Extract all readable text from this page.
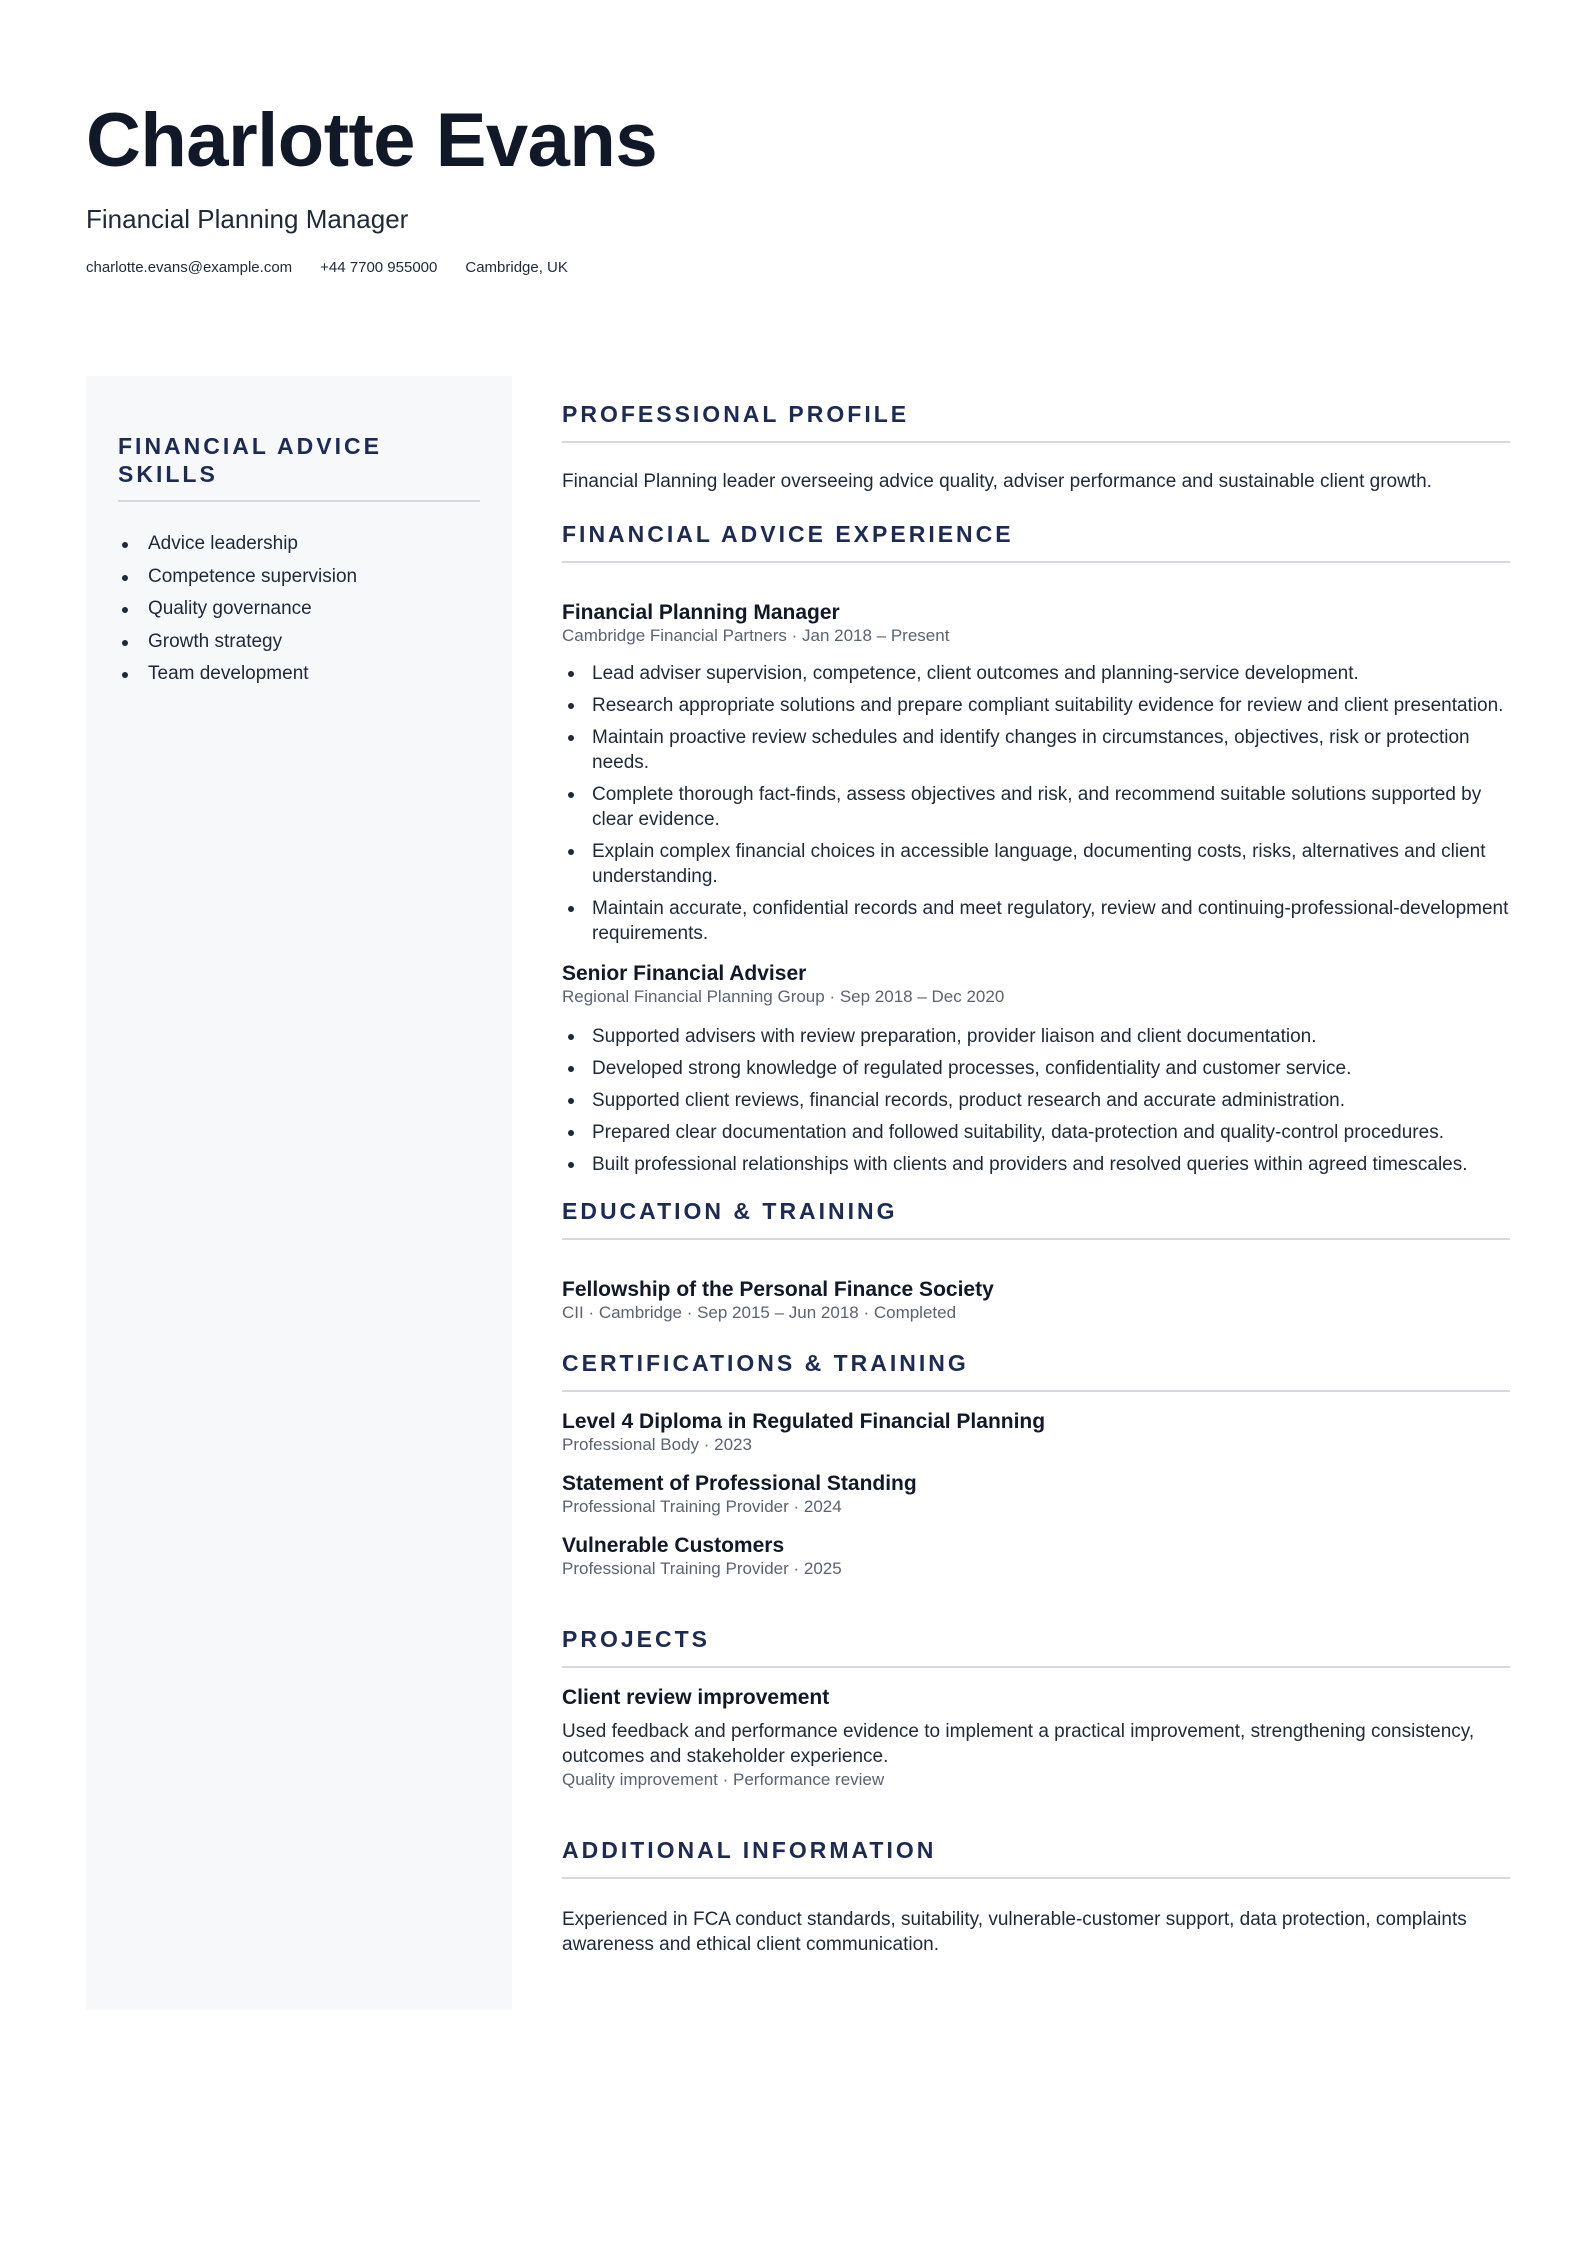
Charlotte Evans
Financial Planning Manager
charlotte.evans@example.com +44 7700 955000 Cambridge, UK
FINANCIAL ADVICE SKILLS
Advice leadership
Competence supervision
Quality governance
Growth strategy
Team development
PROFESSIONAL PROFILE
Financial Planning leader overseeing advice quality, adviser performance and sustainable client growth.
FINANCIAL ADVICE EXPERIENCE
Financial Planning Manager
Cambridge Financial Partners · Jan 2018 – Present
Lead adviser supervision, competence, client outcomes and planning-service development.
Research appropriate solutions and prepare compliant suitability evidence for review and client presentation.
Maintain proactive review schedules and identify changes in circumstances, objectives, risk or protection needs.
Complete thorough fact-finds, assess objectives and risk, and recommend suitable solutions supported by clear evidence.
Explain complex financial choices in accessible language, documenting costs, risks, alternatives and client understanding.
Maintain accurate, confidential records and meet regulatory, review and continuing-professional-development requirements.
Senior Financial Adviser
Regional Financial Planning Group · Sep 2018 – Dec 2020
Supported advisers with review preparation, provider liaison and client documentation.
Developed strong knowledge of regulated processes, confidentiality and customer service.
Supported client reviews, financial records, product research and accurate administration.
Prepared clear documentation and followed suitability, data-protection and quality-control procedures.
Built professional relationships with clients and providers and resolved queries within agreed timescales.
EDUCATION & TRAINING
Fellowship of the Personal Finance Society
CII · Cambridge · Sep 2015 – Jun 2018 · Completed
CERTIFICATIONS & TRAINING
Level 4 Diploma in Regulated Financial Planning
Professional Body · 2023
Statement of Professional Standing
Professional Training Provider · 2024
Vulnerable Customers
Professional Training Provider · 2025
PROJECTS
Client review improvement
Used feedback and performance evidence to implement a practical improvement, strengthening consistency, outcomes and stakeholder experience.
Quality improvement · Performance review
ADDITIONAL INFORMATION
Experienced in FCA conduct standards, suitability, vulnerable-customer support, data protection, complaints awareness and ethical client communication.
